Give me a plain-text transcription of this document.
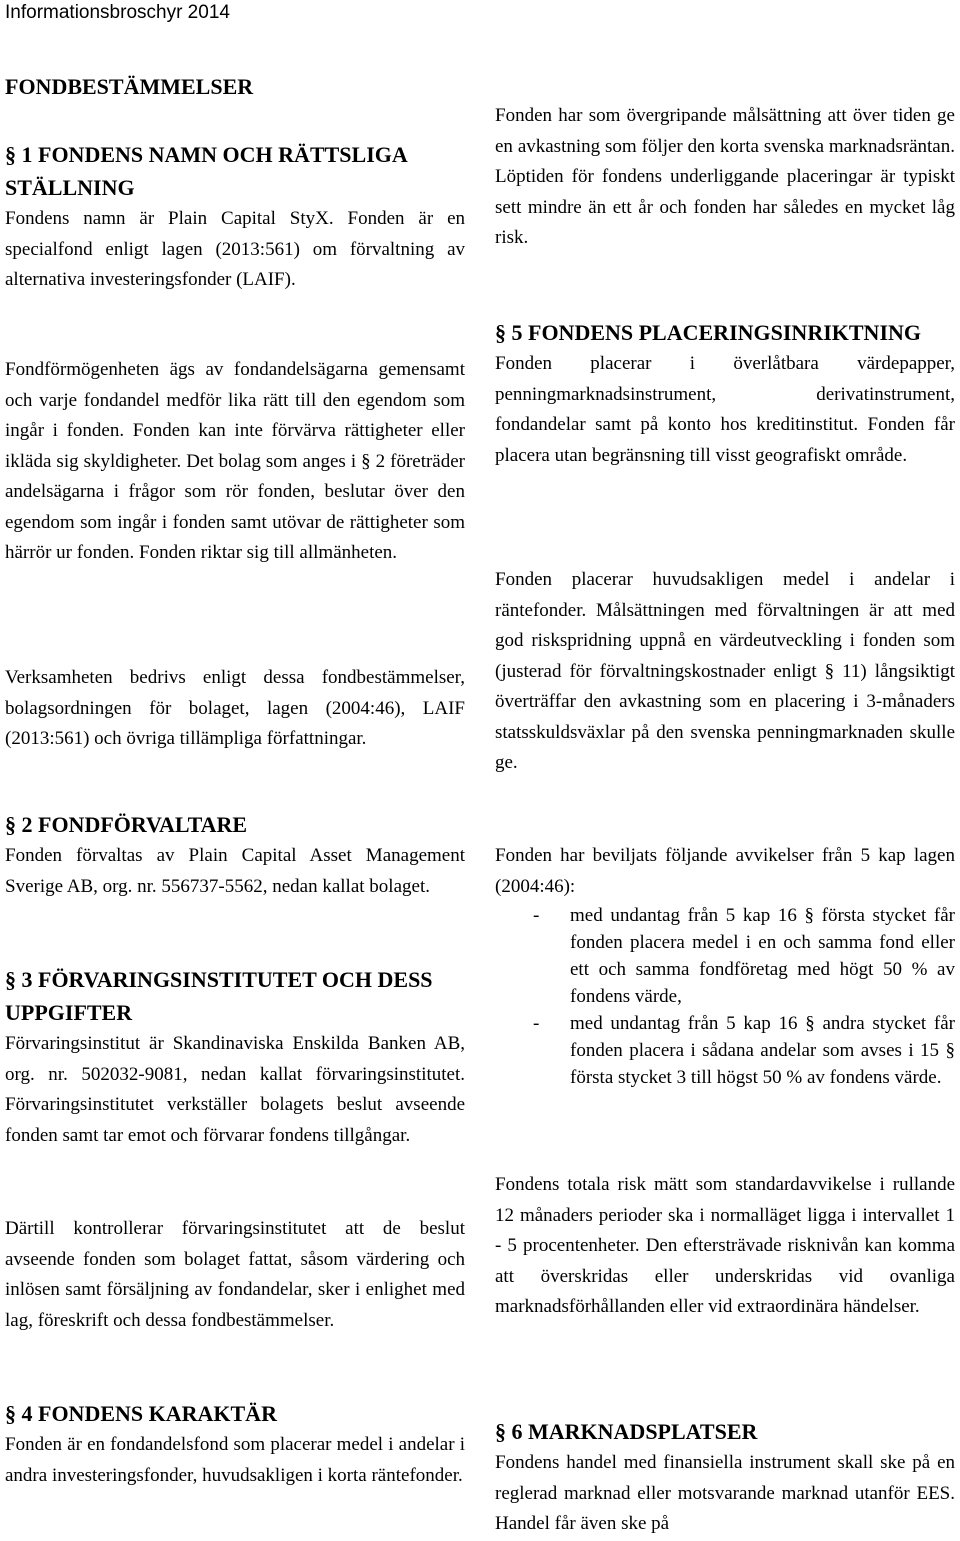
Informationsbroschyr 2014

FONDBESTÄMMELSER

§ 1 FONDENS NAMN OCH RÄTTSLIGA STÄLLNING

Fondens namn är Plain Capital StyX. Fonden är en specialfond enligt lagen (2013:561) om förvaltning av alternativa investeringsfonder (LAIF).

Fondförmögenheten ägs av fondandelsägarna gemensamt och varje fondandel medför lika rätt till den egendom som ingår i fonden. Fonden kan inte förvärva rättigheter eller ikläda sig skyldigheter. Det bolag som anges i § 2 företräder andelsägarna i frågor som rör fonden, beslutar över den egendom som ingår i fonden samt utövar de rättigheter som härrör ur fonden. Fonden riktar sig till allmänheten.

Verksamheten bedrivs enligt dessa fondbestämmelser, bolagsordningen för bolaget, lagen (2004:46), LAIF (2013:561) och övriga tillämpliga författningar.

§ 2 FONDFÖRVALTARE

Fonden förvaltas av Plain Capital Asset Management Sverige AB, org. nr. 556737-5562, nedan kallat bolaget.

§ 3 FÖRVARINGSINSTITUTET OCH DESS UPPGIFTER

Förvaringsinstitut är Skandinaviska Enskilda Banken AB, org. nr. 502032-9081, nedan kallat förvaringsinstitutet. Förvaringsinstitutet verkställer bolagets beslut avseende fonden samt tar emot och förvarar fondens tillgångar.

Därtill kontrollerar förvaringsinstitutet att de beslut avseende fonden som bolaget fattat, såsom värdering och inlösen samt försäljning av fondandelar, sker i enlighet med lag, föreskrift och dessa fondbestämmelser.

§ 4 FONDENS KARAKTÄR

Fonden är en fondandelsfond som placerar medel i andelar i andra investeringsfonder, huvudsakligen i korta räntefonder.

Fonden har som övergripande målsättning att över tiden ge en avkastning som följer den korta svenska marknadsräntan. Löptiden för fondens underliggande placeringar är typiskt sett mindre än ett år och fonden har således en mycket låg risk.

§ 5 FONDENS PLACERINGSINRIKTNING

Fonden placerar i överlåtbara värdepapper, penningmarknadsinstrument, derivatinstrument, fondandelar samt på konto hos kreditinstitut. Fonden får placera utan begränsning till visst geografiskt område.

Fonden placerar huvudsakligen medel i andelar i räntefonder. Målsättningen med förvaltningen är att med god riskspridning uppnå en värdeutveckling i fonden som (justerad för förvaltningskostnader enligt § 11) långsiktigt överträffar den avkastning som en placering i 3-månaders statsskuldsväxlar på den svenska penningmarknaden skulle ge.

Fonden har beviljats följande avvikelser från 5 kap lagen (2004:46):

- med undantag från 5 kap 16 § första stycket får fonden placera medel i en och samma fond eller ett och samma fondföretag med högt 50 % av fondens värde,
- med undantag från 5 kap 16 § andra stycket får fonden placera i sådana andelar som avses i 15 § första stycket 3 till högst 50 % av fondens värde.

Fondens totala risk mätt som standardavvikelse i rullande 12 månaders perioder ska i normalläget ligga i intervallet 1 - 5 procentenheter. Den eftersträvade risknivån kan komma att överskridas eller underskridas vid ovanliga marknadsförhållanden eller vid extraordinära händelser.

§ 6 MARKNADSPLATSER

Fondens handel med finansiella instrument skall ske på en reglerad marknad eller motsvarande marknad utanför EES. Handel får även ske på
